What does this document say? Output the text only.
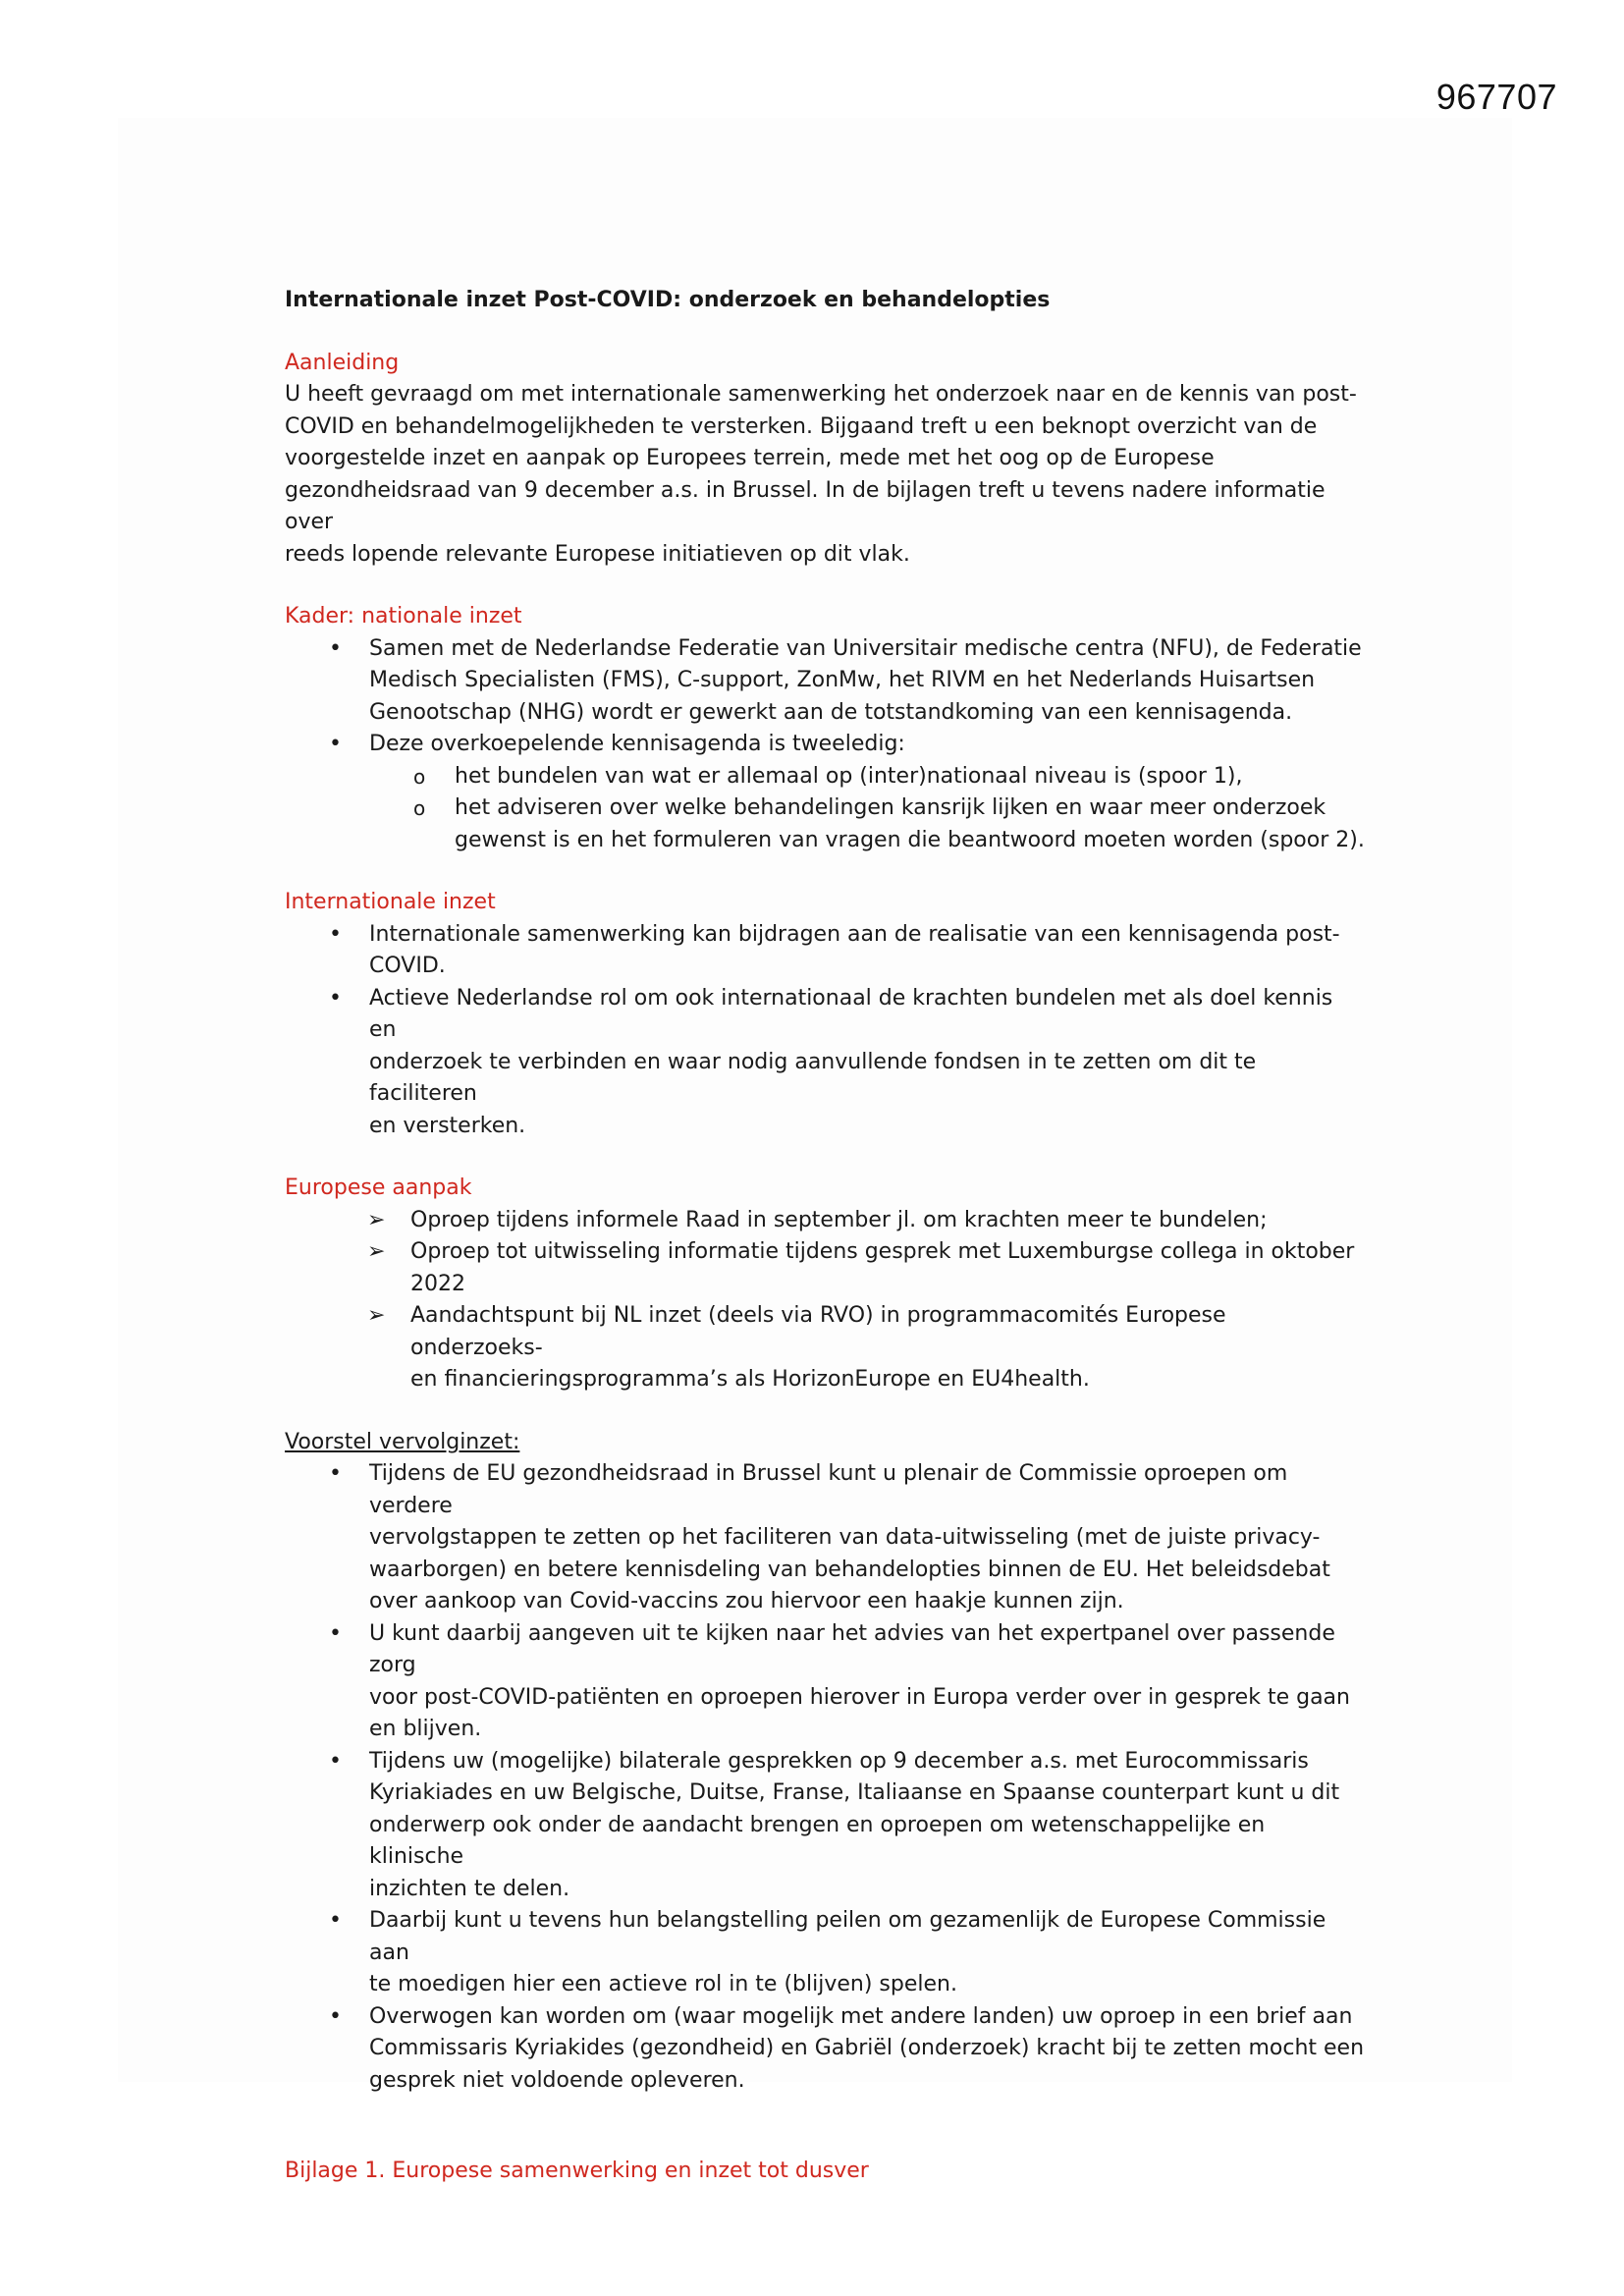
967707

Internationale inzet Post-COVID: onderzoek en behandelopties

Aanleiding

U heeft gevraagd om met internationale samenwerking het onderzoek naar en de kennis van post-

COVID en behandelmogelijkheden te versterken. Bijgaand treft u een beknopt overzicht van de

voorgestelde inzet en aanpak op Europees terrein, mede met het oog op de Europese

gezondheidsraad van 9 december a.s. in Brussel. In de bijlagen treft u tevens nadere informatie over

reeds lopende relevante Europese initiatieven op dit vlak.

Kader: nationale inzet

• Samen met de Nederlandse Federatie van Universitair medische centra (NFU), de Federatie

Medisch Specialisten (FMS), C-support, ZonMw, het RIVM en het Nederlands Huisartsen

Genootschap (NHG) wordt er gewerkt aan de totstandkoming van een kennisagenda.

• Deze overkoepelende kennisagenda is tweeledig:

o het bundelen van wat er allemaal op (inter)nationaal niveau is (spoor 1),

o het adviseren over welke behandelingen kansrijk lijken en waar meer onderzoek

gewenst is en het formuleren van vragen die beantwoord moeten worden (spoor 2).

Internationale inzet

• Internationale samenwerking kan bijdragen aan de realisatie van een kennisagenda post-

COVID.

• Actieve Nederlandse rol om ook internationaal de krachten bundelen met als doel kennis en

onderzoek te verbinden en waar nodig aanvullende fondsen in te zetten om dit te faciliteren

en versterken.

Europese aanpak

➢ Oproep tijdens informele Raad in september jl. om krachten meer te bundelen;

➢ Oproep tot uitwisseling informatie tijdens gesprek met Luxemburgse collega in oktober

2022

➢ Aandachtspunt bij NL inzet (deels via RVO) in programmacomités Europese onderzoeks-

en financieringsprogramma’s als HorizonEurope en EU4health.

Voorstel vervolginzet:

• Tijdens de EU gezondheidsraad in Brussel kunt u plenair de Commissie oproepen om verdere

vervolgstappen te zetten op het faciliteren van data-uitwisseling (met de juiste privacy-

waarborgen) en betere kennisdeling van behandelopties binnen de EU. Het beleidsdebat

over aankoop van Covid-vaccins zou hiervoor een haakje kunnen zijn.

• U kunt daarbij aangeven uit te kijken naar het advies van het expertpanel over passende zorg

voor post-COVID-patiënten en oproepen hierover in Europa verder over in gesprek te gaan

en blijven.

• Tijdens uw (mogelijke) bilaterale gesprekken op 9 december a.s. met Eurocommissaris

Kyriakiades en uw Belgische, Duitse, Franse, Italiaanse en Spaanse counterpart kunt u dit

onderwerp ook onder de aandacht brengen en oproepen om wetenschappelijke en klinische

inzichten te delen.

• Daarbij kunt u tevens hun belangstelling peilen om gezamenlijk de Europese Commissie aan

te moedigen hier een actieve rol in te (blijven) spelen.

• Overwogen kan worden om (waar mogelijk met andere landen) uw oproep in een brief aan

Commissaris Kyriakides (gezondheid) en Gabriël (onderzoek) kracht bij te zetten mocht een

gesprek niet voldoende opleveren.

Bijlage 1. Europese samenwerking en inzet tot dusver
